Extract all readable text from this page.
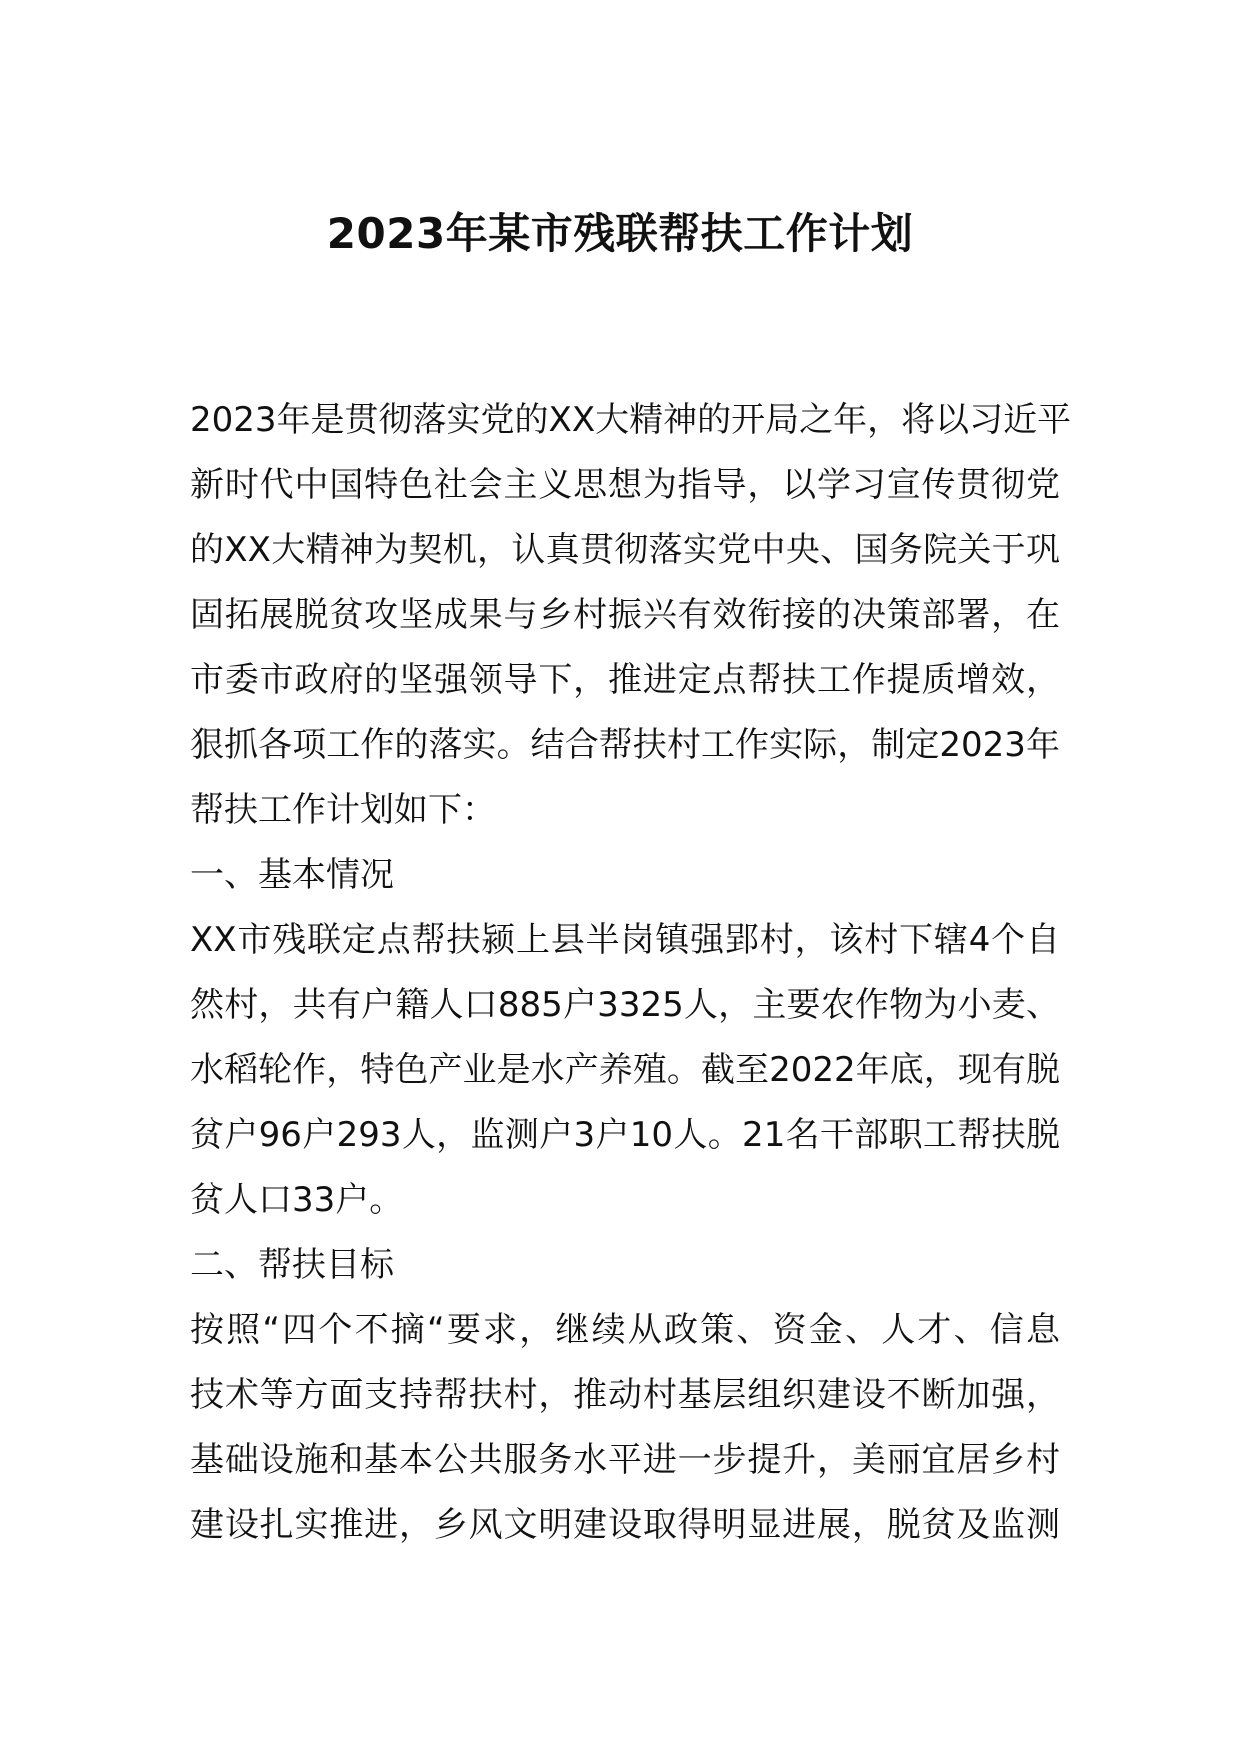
2023年某市残联帮扶工作计划
2023年是贯彻落实党的XX大精神的开局之年，将以习近平
新时代中国特色社会主义思想为指导，以学习宣传贯彻党
的XX大精神为契机，认真贯彻落实党中央、国务院关于巩
固拓展脱贫攻坚成果与乡村振兴有效衔接的决策部署，在
市委市政府的坚强领导下，推进定点帮扶工作提质增效，
狠抓各项工作的落实。结合帮扶村工作实际，制定2023年
帮扶工作计划如下：
一、基本情况
XX市残联定点帮扶颍上县半岗镇强郢村，该村下辖4个自
然村，共有户籍人口885户3325人，主要农作物为小麦、
水稻轮作，特色产业是水产养殖。截至2022年底，现有脱
贫户96户293人，监测户3户10人。21名干部职工帮扶脱
贫人口33户。
二、帮扶目标
按照“四个不摘“要求，继续从政策、资金、人才、信息
技术等方面支持帮扶村，推动村基层组织建设不断加强，
基础设施和基本公共服务水平进一步提升，美丽宜居乡村
建设扎实推进，乡风文明建设取得明显进展，脱贫及监测
